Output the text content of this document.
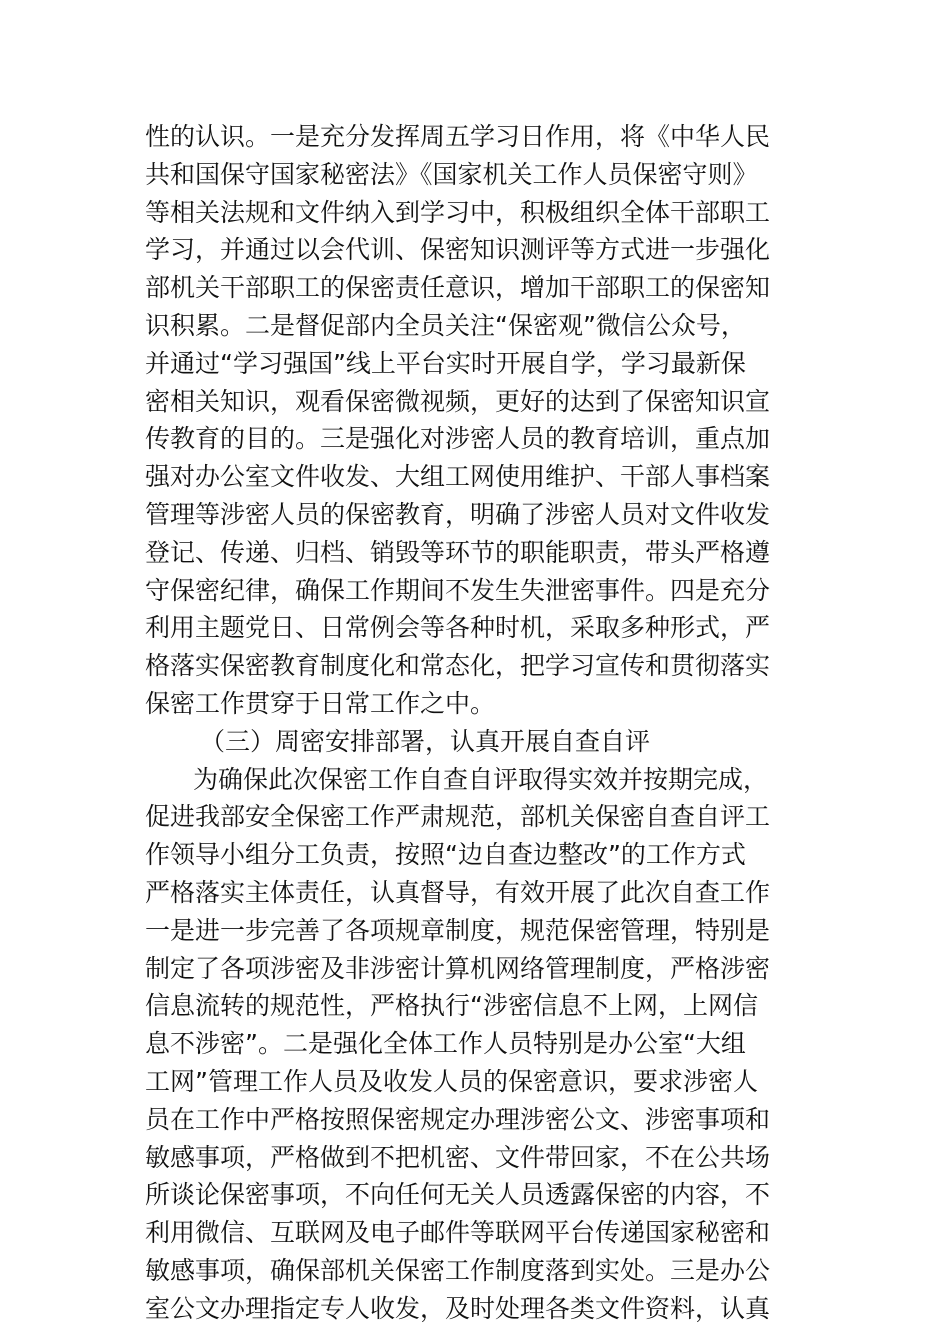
性的认识。一是充分发挥周五学习日作用，将《中华人民
共和国保守国家秘密法》《国家机关工作人员保密守则》
等相关法规和文件纳入到学习中，积极组织全体干部职工
学习，并通过以会代训、保密知识测评等方式进一步强化
部机关干部职工的保密责任意识，增加干部职工的保密知
识积累。二是督促部内全员关注“保密观”微信公众号，
并通过“学习强国”线上平台实时开展自学，学习最新保
密相关知识，观看保密微视频，更好的达到了保密知识宣
传教育的目的。三是强化对涉密人员的教育培训，重点加
强对办公室文件收发、大组工网使用维护、干部人事档案
管理等涉密人员的保密教育，明确了涉密人员对文件收发
登记、传递、归档、销毁等环节的职能职责，带头严格遵
守保密纪律，确保工作期间不发生失泄密事件。四是充分
利用主题党日、日常例会等各种时机，采取多种形式，严
格落实保密教育制度化和常态化，把学习宣传和贯彻落实
保密工作贯穿于日常工作之中。
（三）周密安排部署，认真开展自查自评
为确保此次保密工作自查自评取得实效并按期完成，
促进我部安全保密工作严肃规范，部机关保密自查自评工
作领导小组分工负责，按照“边自查边整改”的工作方式
严格落实主体责任，认真督导，有效开展了此次自查工作
一是进一步完善了各项规章制度，规范保密管理，特别是
制定了各项涉密及非涉密计算机网络管理制度，严格涉密
信息流转的规范性，严格执行“涉密信息不上网，上网信
息不涉密”。二是强化全体工作人员特别是办公室“大组
工网”管理工作人员及收发人员的保密意识，要求涉密人
员在工作中严格按照保密规定办理涉密公文、涉密事项和
敏感事项，严格做到不把机密、文件带回家，不在公共场
所谈论保密事项，不向任何无关人员透露保密的内容，不
利用微信、互联网及电子邮件等联网平台传递国家秘密和
敏感事项，确保部机关保密工作制度落到实处。三是办公
室公文办理指定专人收发，及时处理各类文件资料，认真
